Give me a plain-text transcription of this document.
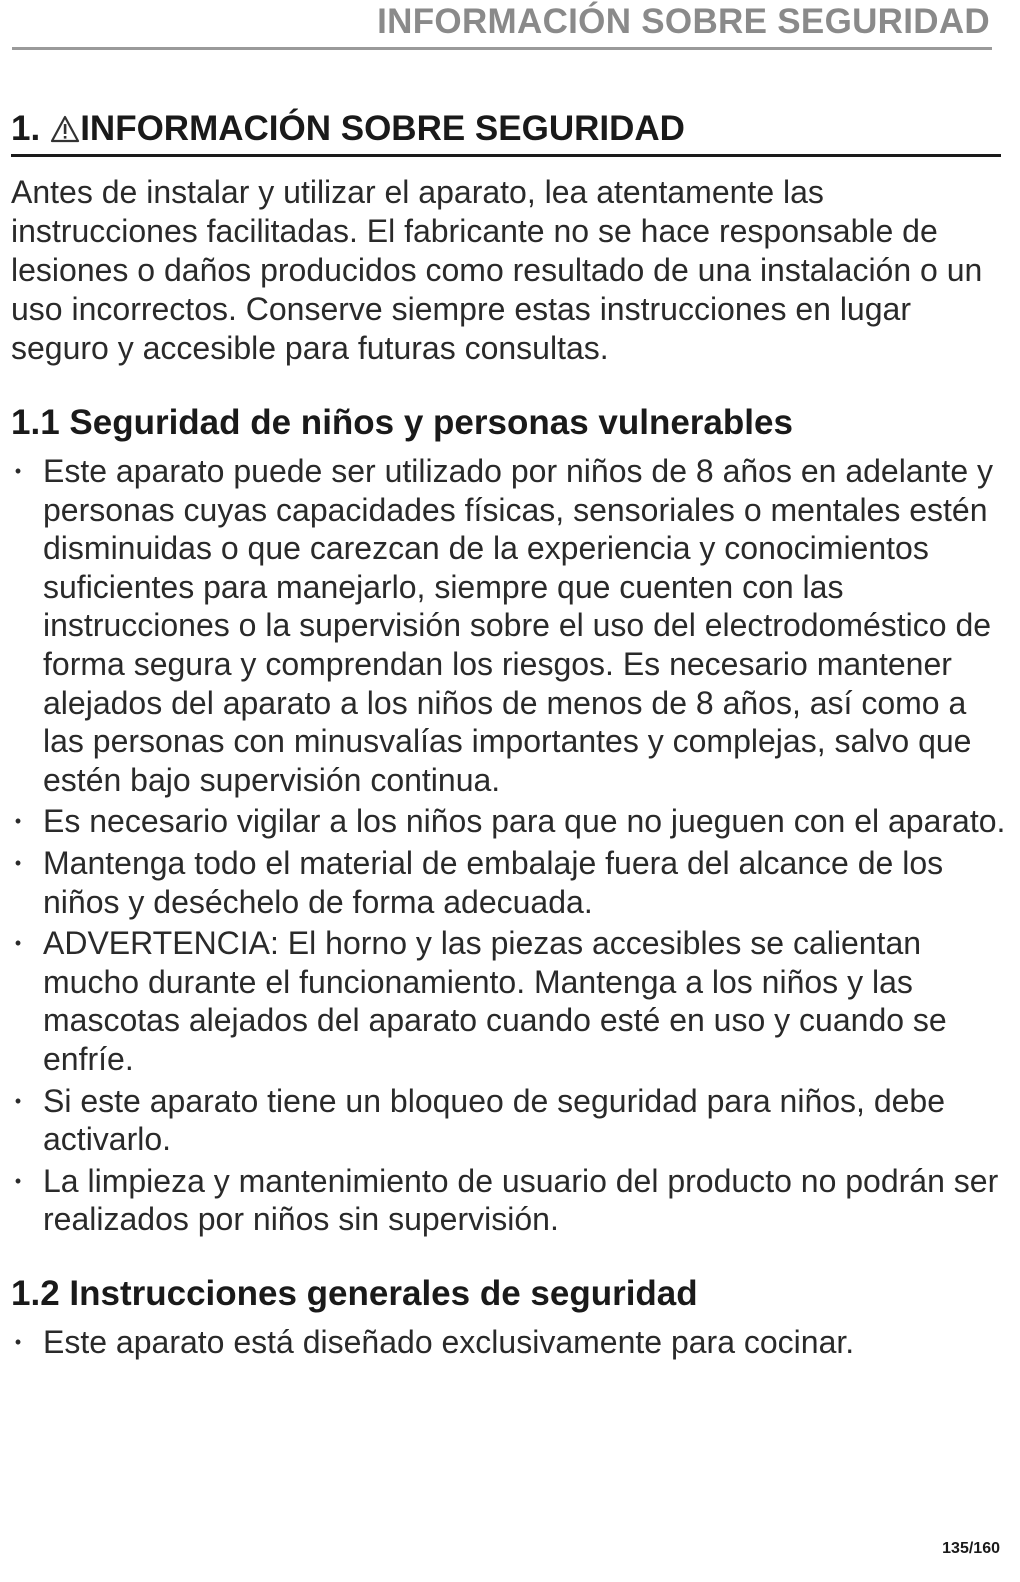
INFORMACIÓN SOBRE SEGURIDAD
1. INFORMACIÓN SOBRE SEGURIDAD

Antes de instalar y utilizar el aparato, lea atentamente las instrucciones facilitadas. El fabricante no se hace responsable de lesiones o daños producidos como resultado de una instalación o un uso incorrectos. Conserve siempre estas instrucciones en lugar seguro y accesible para futuras consultas.

1.1 Seguridad de niños y personas vulnerables
• Este aparato puede ser utilizado por niños de 8 años en adelante y personas cuyas capacidades físicas, sensoriales o mentales estén disminuidas o que carezcan de la experiencia y conocimientos suficientes para manejarlo, siempre que cuenten con las instrucciones o la supervisión sobre el uso del electrodoméstico de forma segura y comprendan los riesgos. Es necesario mantener alejados del aparato a los niños de menos de 8 años, así como a las personas con minusvalías importantes y complejas, salvo que estén bajo supervisión continua.
• Es necesario vigilar a los niños para que no jueguen con el aparato.
• Mantenga todo el material de embalaje fuera del alcance de los niños y deséchelo de forma adecuada.
• ADVERTENCIA: El horno y las piezas accesibles se calientan mucho durante el funcionamiento. Mantenga a los niños y las mascotas alejados del aparato cuando esté en uso y cuando se enfríe.
• Si este aparato tiene un bloqueo de seguridad para niños, debe activarlo.
• La limpieza y mantenimiento de usuario del producto no podrán ser realizados por niños sin supervisión.
1.2 Instrucciones generales de seguridad
• Este aparato está diseñado exclusivamente para cocinar.
135/160
